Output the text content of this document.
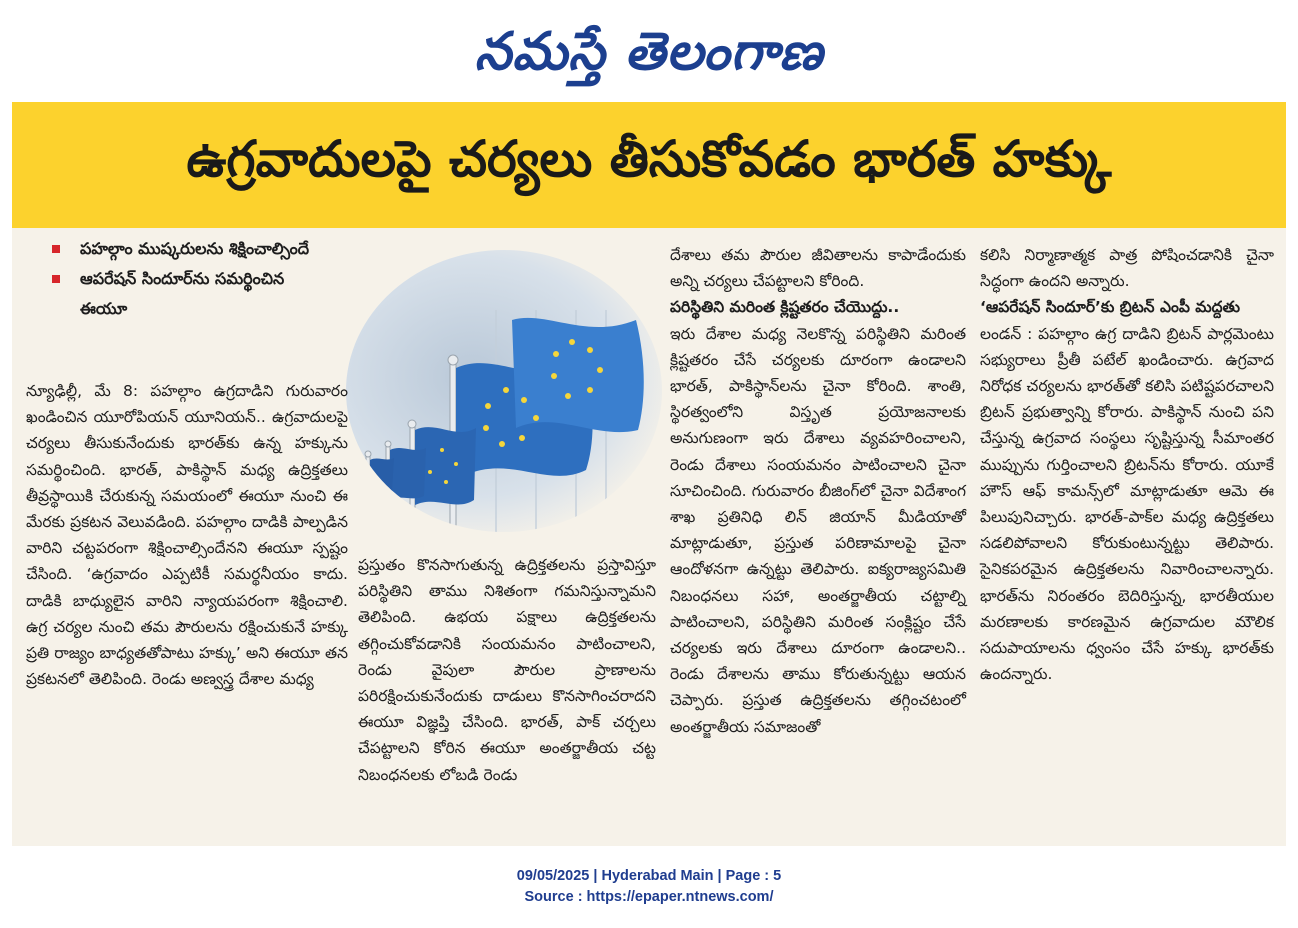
నమస్తే తెలంగాణ
ఉగ్రవాదులపై చర్యలు తీసుకోవడం భారత్ హక్కు
పహల్గాం ముష్కరులను శిక్షించాల్సిందే
ఆపరేషన్ సిందూర్‌ను సమర్థించిన ఈయూ

న్యూఢిల్లీ, మే 8: పహల్గాం ఉగ్రదాడిని గురువారం ఖండించిన యూరోపియన్ యూనియన్.. ఉగ్రవాదులపై చర్యలు తీసుకునేందుకు భారత్‌కు ఉన్న హక్కును సమర్థించింది. భారత్, పాకిస్థాన్ మధ్య ఉద్రిక్తతలు తీవ్రస్థాయికి చేరుకున్న సమయంలో ఈయూ నుంచి ఈ మేరకు ప్రకటన వెలువడింది. పహల్గాం దాడికి పాల్పడిన వారిని చట్టపరంగా శిక్షించాల్సిందేనని ఈయూ స్పష్టం చేసింది. ‘ఉగ్రవాదం ఎప్పటికీ సమర్థనీయం కాదు. దాడికి బాధ్యులైన వారిని న్యాయపరంగా శిక్షించాలి. ఉగ్ర చర్యల నుంచి తమ పౌరులను రక్షించుకునే హక్కు ప్రతి రాజ్యం బాధ్యతతోపాటు హక్కు’ అని ఈయూ తన ప్రకటనలో తెలిపింది. రెండు అణ్వస్త్ర దేశాల మధ్య

ప్రస్తుతం కొనసాగుతున్న ఉద్రిక్తతలను ప్రస్తావిస్తూ పరిస్థితిని తాము నిశితంగా గమనిస్తున్నామని తెలిపింది. ఉభయ పక్షాలు ఉద్రిక్తతలను తగ్గించుకోవడానికి సంయమనం పాటించాలని, రెండు వైపులా పౌరుల ప్రాణాలను పరిరక్షించుకునేందుకు దాడులు కొనసాగించరాదని ఈయూ విజ్ఞప్తి చేసింది. భారత్, పాక్ చర్చలు చేపట్టాలని కోరిన ఈయూ అంతర్జాతీయ చట్ట నిబంధనలకు లోబడి రెండు

దేశాలు తమ పౌరుల జీవితాలను కాపాడేందుకు అన్ని చర్యలు చేపట్టాలని కోరింది.

పరిస్థితిని మరింత క్లిష్టతరం చేయొద్దు..

ఇరు దేశాల మధ్య నెలకొన్న పరిస్థితిని మరింత క్లిష్టతరం చేసే చర్యలకు దూరంగా ఉండాలని భారత్, పాకిస్థాన్‌లను చైనా కోరింది. శాంతి, స్థిరత్వంలోని విస్తృత ప్రయోజనాలకు అనుగుణంగా ఇరు దేశాలు వ్యవహరించాలని, రెండు దేశాలు సంయమనం పాటించాలని చైనా సూచించింది. గురువారం బీజింగ్‌లో చైనా విదేశాంగ శాఖ ప్రతినిధి లిన్ జియాన్ మీడియాతో మాట్లాడుతూ, ప్రస్తుత పరిణామాలపై చైనా ఆందోళనగా ఉన్నట్టు తెలిపారు. ఐక్యరాజ్యసమితి నిబంధనలు సహా, అంతర్జాతీయ చట్టాల్ని పాటించాలని, పరిస్థితిని మరింత సంక్లిష్టం చేసే చర్యలకు ఇరు దేశాలు దూరంగా ఉండాలని.. రెండు దేశాలను తాము కోరుతున్నట్టు ఆయన చెప్పారు. ప్రస్తుత ఉద్రిక్తతలను తగ్గించటంలో అంతర్జాతీయ సమాజంతో

కలిసి నిర్మాణాత్మక పాత్ర పోషించడానికి చైనా సిద్ధంగా ఉందని అన్నారు.

‘ఆపరేషన్ సిందూర్’కు బ్రిటన్ ఎంపీ మద్దతు

లండన్ : పహల్గాం ఉగ్ర దాడిని బ్రిటన్ పార్లమెంటు సభ్యురాలు ప్రీతీ పటేల్ ఖండించారు. ఉగ్రవాద నిరోధక చర్యలను భారత్‌తో కలిసి పటిష్టపరచాలని బ్రిటన్ ప్రభుత్వాన్ని కోరారు. పాకిస్థాన్ నుంచి పని చేస్తున్న ఉగ్రవాద సంస్థలు సృష్టిస్తున్న సీమాంతర ముప్పును గుర్తించాలని బ్రిటన్‌ను కోరారు. యూకే హౌస్ ఆఫ్ కామన్స్‌లో మాట్లాడుతూ ఆమె ఈ పిలుపునిచ్చారు. భారత్-పాక్‌ల మధ్య ఉద్రిక్తతలు సడలిపోవాలని కోరుకుంటున్నట్టు తెలిపారు. సైనికపరమైన ఉద్రిక్తతలను నివారించాలన్నారు. భారత్‌ను నిరంతరం బెదిరిస్తున్న, భారతీయుల మరణాలకు కారణమైన ఉగ్రవాదుల మౌలిక సదుపాయాలను ధ్వంసం చేసే హక్కు భారత్‌కు ఉందన్నారు.

09/05/2025 | Hyderabad Main | Page : 5
Source : https://epaper.ntnews.com/
